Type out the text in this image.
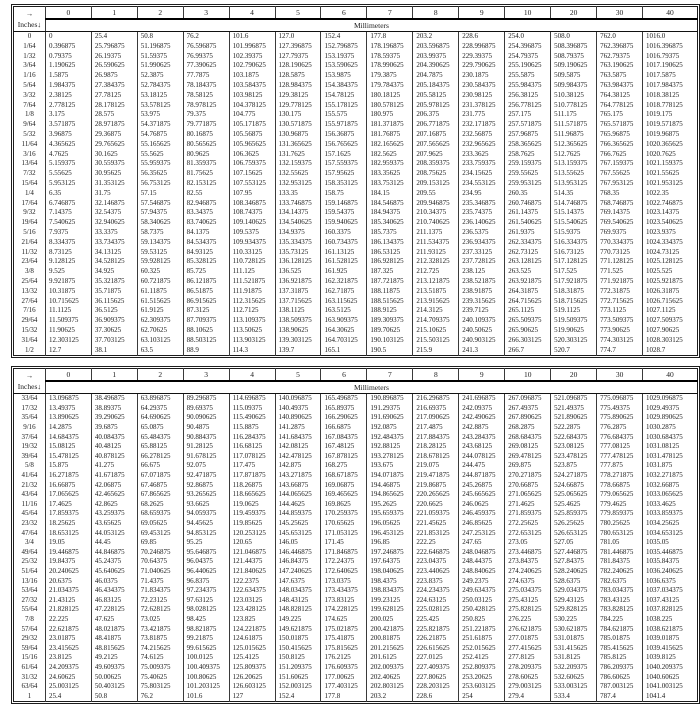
→
Inches↓	0	1	2	3	4	5	6	7	8	9	10	20	30	40
	Millimeters													
0	0	25.4	50.8	76.2	101.6	127.0	152.4	177.8	203.2	228.6	254.0	508.0	762.0	1016.0
1/64	0.396875	25.796875	51.196875	76.596875	101.996875	127.396875	152.796875	178.196875	203.596875	228.996875	254.396875	508.396875	762.396875	1016.396875
1/32	0.79375	26.19375	51.59375	76.99375	102.39375	127.79375	153.19375	178.59375	203.99375	229.39375	254.79375	508.79375	762.79375	1016.79375
3/64	1.190625	26.590625	51.990625	77.390625	102.790625	128.190625	153.590625	178.990625	204.390625	229.790625	255.190625	509.190625	763.190625	1017.190625
1/16	1.5875	26.9875	52.3875	77.7875	103.1875	128.5875	153.9875	179.3875	204.7875	230.1875	255.5875	509.5875	763.5875	1017.5875
5/64	1.984375	27.384375	52.784375	78.184375	103.584375	128.984375	154.384375	179.784375	205.184375	230.584375	255.984375	509.984375	763.984375	1017.984375
3/32	2.38125	27.78125	53.18125	78.58125	103.98125	129.38125	154.78125	180.18125	205.58125	230.98125	256.38125	510.38125	764.38125	1018.38125
7/64	2.778125	28.178125	53.578125	78.978125	104.378125	129.778125	155.178125	180.578125	205.978125	231.378125	256.778125	510.778125	764.778125	1018.778125
1/8	3.175	28.575	53.975	79.375	104.775	130.175	155.575	180.975	206.375	231.775	257.175	511.175	765.175	1019.175
9/64	3.571875	28.971875	54.371875	79.771875	105.171875	130.571875	155.971875	181.371875	206.771875	232.171875	257.571875	511.571875	765.571875	1019.571875
5/32	3.96875	29.36875	54.76875	80.16875	105.56875	130.96875	156.36875	181.76875	207.16875	232.56875	257.96875	511.96875	765.96875	1019.96875
11/64	4.365625	29.765625	55.165625	80.565625	105.965625	131.365625	156.765625	182.165625	207.565625	232.965625	258.365625	512.365625	766.365625	1020.365625
3/16	4.7625	30.1625	55.5625	80.9625	106.3625	131.7625	157.1625	182.5625	207.9625	233.3625	258.7625	512.7625	766.7625	1020.7625
13/64	5.159375	30.559375	55.959375	81.359375	106.759375	132.159375	157.559375	182.959375	208.359375	233.759375	259.159375	513.159375	767.159375	1021.159375
7/32	5.55625	30.95625	56.35625	81.75625	107.15625	132.55625	157.95625	183.35625	208.75625	234.15625	259.55625	513.55625	767.55625	1021.55625
15/64	5.953125	31.353125	56.753125	82.153125	107.553125	132.953125	158.353125	183.753125	209.153125	234.553125	259.953125	513.953125	767.953125	1021.953125
1/4	6.35	31.75	57.15	82.55	107.95	133.35	158.75	184.15	209.55	234.95	260.35	514.35	768.35	1022.35
17/64	6.746875	32.146875	57.546875	82.946875	108.346875	133.746875	159.146875	184.546875	209.946875	235.346875	260.746875	514.746875	768.746875	1022.746875
9/32	7.14375	32.54375	57.94375	83.34375	108.74375	134.14375	159.54375	184.94375	210.34375	235.74375	261.14375	515.14375	769.14375	1023.14375
19/64	7.540625	32.940625	58.340625	83.740625	109.140625	134.540625	159.940625	185.340625	210.740625	236.140625	261.540625	515.540625	769.540625	1023.540625
5/16	7.9375	33.3375	58.7375	84.1375	109.5375	134.9375	160.3375	185.7375	211.1375	236.5375	261.9375	515.9375	769.9375	1023.9375
21/64	8.334375	33.734375	59.134375	84.534375	109.934375	135.334375	160.734375	186.134375	211.534375	236.934375	262.334375	516.334375	770.334375	1024.334375
11/32	8.73125	34.13125	59.53125	84.93125	110.33125	135.73125	161.13125	186.53125	211.93125	237.33125	262.73125	516.73125	770.73125	1024.73125
23/64	9.128125	34.528125	59.928125	85.328125	110.728125	136.128125	161.528125	186.928125	212.328125	237.728125	263.128125	517.128125	771.128125	1025.128125
3/8	9.525	34.925	60.325	85.725	111.125	136.525	161.925	187.325	212.725	238.125	263.525	517.525	771.525	1025.525
25/64	9.921875	35.321875	60.721875	86.121875	111.521875	136.921875	162.321875	187.721875	213.121875	238.521875	263.921875	517.921875	771.921875	1025.921875
13/32	10.31875	35.71875	61.11875	86.51875	111.91875	137.31875	162.71875	188.11875	213.51875	238.91875	264.31875	518.31875	772.31875	1026.31875
27/64	10.715625	36.115625	61.515625	86.915625	112.315625	137.715625	163.115625	188.515625	213.915625	239.315625	264.715625	518.715625	772.715625	1026.715625
7/16	11.1125	36.5125	61.9125	87.3125	112.7125	138.1125	163.5125	188.9125	214.3125	239.7125	265.1125	519.1125	773.1125	1027.1125
29/64	11.509375	36.909375	62.309375	87.709375	113.109375	138.509375	163.909375	189.309375	214.709375	240.109375	265.509375	519.509375	773.509375	1027.509375
15/32	11.90625	37.30625	62.70625	88.10625	113.50625	138.90625	164.30625	189.70625	215.10625	240.50625	265.90625	519.90625	773.90625	1027.90625
31/64	12.303125	37.703125	63.103125	88.503125	113.903125	139.303125	164.703125	190.103125	215.503125	240.903125	266.303125	520.303125	774.303125	1028.303125
1/2	12.7	38.1	63.5	88.9	114.3	139.7	165.1	190.5	215.9	241.3	266.7	520.7	774.7	1028.7

→
Inches↓	0	1	2	3	4	5	6	7	8	9	10	20	30	40
	Millimeters													
33/64	13.096875	38.496875	63.896875	89.296875	114.696875	140.096875	165.496875	190.896875	216.296875	241.696875	267.096875	521.096875	775.096875	1029.096875
17/32	13.49375	38.89375	64.29375	89.69375	115.09375	140.49375	165.89375	191.29375	216.69375	242.09375	267.49375	521.49375	775.49375	1029.49375
35/64	13.890625	39.290625	64.690625	90.090625	115.490625	140.890625	166.290625	191.690625	217.090625	242.490625	267.890625	521.890625	775.890625	1029.890625
9/16	14.2875	39.6875	65.0875	90.4875	115.8875	141.2875	166.6875	192.0875	217.4875	242.8875	268.2875	522.2875	776.2875	1030.2875
37/64	14.684375	40.084375	65.484375	90.884375	116.284375	141.684375	167.084375	192.484375	217.884375	243.284375	268.684375	522.684375	776.684375	1030.684375
19/32	15.08125	40.48125	65.88125	91.28125	116.68125	142.08125	167.48125	192.88125	218.28125	243.68125	269.08125	523.08125	777.08125	1031.08125
39/64	15.478125	40.878125	66.278125	91.678125	117.078125	142.478125	167.878125	193.278125	218.678125	244.078125	269.478125	523.478125	777.478125	1031.478125
5/8	15.875	41.275	66.675	92.075	117.475	142.875	168.275	193.675	219.075	244.475	269.875	523.875	777.875	1031.875
41/64	16.271875	41.671875	67.071875	92.471875	117.871875	143.271875	168.671875	194.071875	219.471875	244.871875	270.271875	524.271875	778.271875	1032.271875
21/32	16.66875	42.06875	67.46875	92.86875	118.26875	143.66875	169.06875	194.46875	219.86875	245.26875	270.66875	524.66875	778.66875	1032.66875
43/64	17.065625	42.465625	67.865625	93.265625	118.665625	144.065625	169.465625	194.865625	220.265625	245.665625	271.065625	525.065625	779.065625	1033.065625
11/16	17.4625	42.8625	68.2625	93.6625	119.0625	144.4625	169.8625	195.2625	220.6625	246.0625	271.4625	525.4625	779.4625	1033.4625
45/64	17.859375	43.259375	68.659375	94.059375	119.459375	144.859375	170.259375	195.659375	221.059375	246.459375	271.859375	525.859375	779.859375	1033.859375
23/32	18.25625	43.65625	69.05625	94.45625	119.85625	145.25625	170.65625	196.05625	221.45625	246.85625	272.25625	526.25625	780.25625	1034.25625
47/64	18.653125	44.053125	69.453125	94.853125	120.253125	145.653125	171.053125	196.453125	221.853125	247.253125	272.653125	526.653125	780.653125	1034.653125
3/4	19.05	44.45	69.85	95.25	120.65	146.05	171.45	196.85	222.25	247.65	273.05	527.05	781.05	1035.05
49/64	19.446875	44.846875	70.246875	95.646875	121.046875	146.446875	171.846875	197.246875	222.646875	248.046875	273.446875	527.446875	781.446875	1035.446875
25/32	19.84375	45.24375	70.64375	96.04375	121.44375	146.84375	172.24375	197.64375	223.04375	248.44375	273.84375	527.84375	781.84375	1035.84375
51/64	20.240625	45.640625	71.040625	96.440625	121.840625	147.240625	172.640625	198.040625	223.440625	248.840625	274.240625	528.240625	782.240625	1036.240625
13/16	20.6375	46.0375	71.4375	96.8375	122.2375	147.6375	173.0375	198.4375	223.8375	249.2375	274.6375	528.6375	782.6375	1036.6375
53/64	21.034375	46.434375	71.834375	97.234375	122.634375	148.034375	173.434375	198.834375	224.234375	249.634375	275.034375	529.034375	783.034375	1037.034375
27/32	21.43125	46.83125	72.23125	97.63125	123.03125	148.43125	173.83125	199.23125	224.63125	250.03125	275.43125	529.43125	783.43125	1037.43125
55/64	21.828125	47.228125	72.628125	98.028125	123.428125	148.828125	174.228125	199.628125	225.028125	250.428125	275.828125	529.828125	783.828125	1037.828125
7/8	22.225	47.625	73.025	98.425	123.825	149.225	174.625	200.025	225.425	250.825	276.225	530.225	784.225	1038.225
57/64	22.621875	48.021875	73.421875	98.821875	124.221875	149.621875	175.021875	200.421875	225.821875	251.221875	276.621875	530.621875	784.621875	1038.621875
29/32	23.01875	48.41875	73.81875	99.21875	124.61875	150.01875	175.41875	200.81875	226.21875	251.61875	277.01875	531.01875	785.01875	1039.01875
59/64	23.415625	48.815625	74.215625	99.615625	125.015625	150.415625	175.815625	201.215625	226.615625	252.015625	277.415625	531.415625	785.415625	1039.415625
15/16	23.8125	49.2125	74.6125	100.0125	125.4125	150.8125	176.2125	201.6125	227.0125	252.4125	277.8125	531.8125	785.8125	1039.8125
61/64	24.209375	49.609375	75.009375	100.409375	125.809375	151.209375	176.609375	202.009375	227.409375	252.809375	278.209375	532.209375	786.209375	1040.209375
31/32	24.60625	50.00625	75.40625	100.80625	126.20625	151.60625	177.00625	202.40625	227.80625	253.20625	278.60625	532.60625	786.60625	1040.60625
63/64	25.003125	50.403125	75.803125	101.203125	126.603125	152.003125	177.403125	202.803125	228.203125	253.603125	279.003125	533.003125	787.003125	1041.003125
1	25.4	50.8	76.2	101.6	127	152.4	177.8	203.2	228.6	254	279.4	533.4	787.4	1041.4
